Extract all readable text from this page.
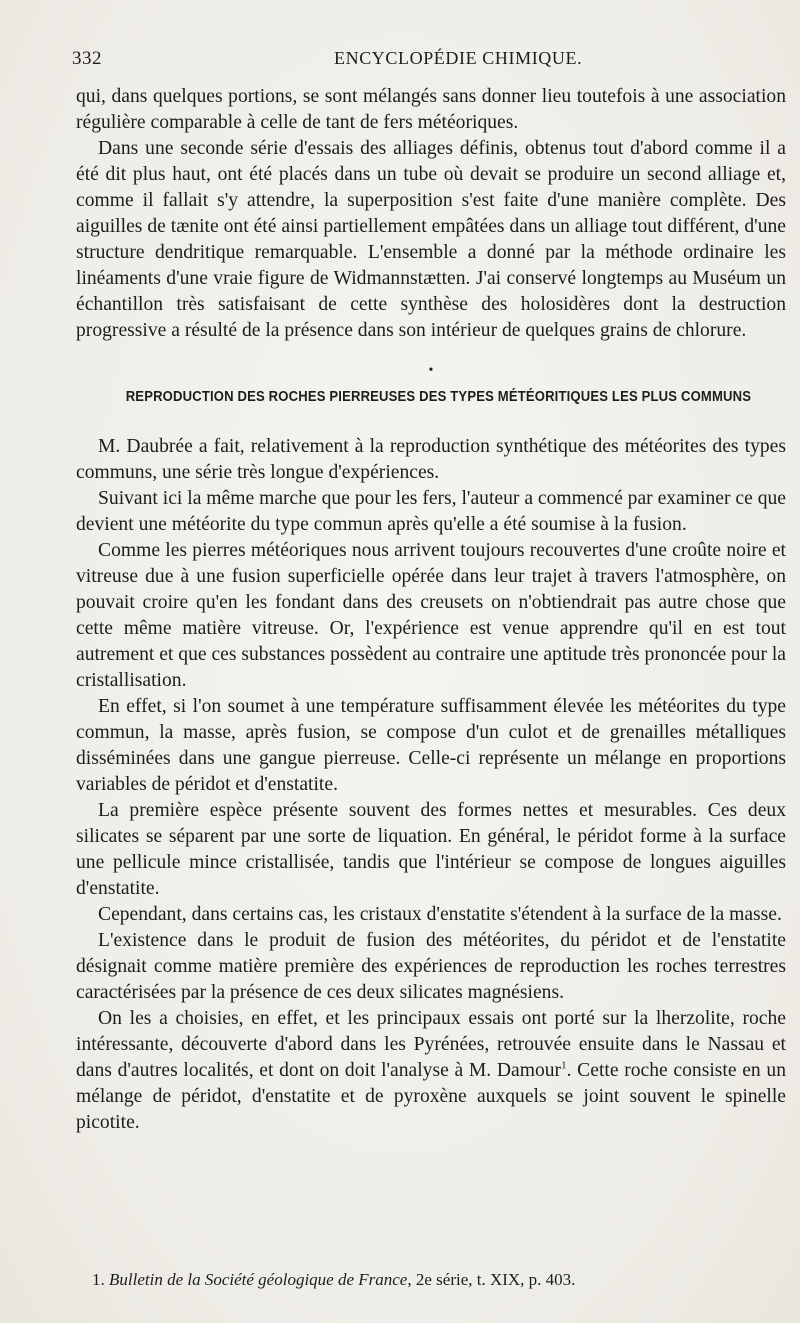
332	ENCYCLOPÉDIE CHIMIQUE.

qui, dans quelques portions, se sont mélangés sans donner lieu toutefois à une association régulière comparable à celle de tant de fers météoriques.

Dans une seconde série d'essais des alliages définis, obtenus tout d'abord comme il a été dit plus haut, ont été placés dans un tube où devait se produire un second alliage et, comme il fallait s'y attendre, la superposition s'est faite d'une manière complète. Des aiguilles de tænite ont été ainsi partiellement empâtées dans un alliage tout différent, d'une structure dendritique remarquable. L'ensemble a donné par la méthode ordinaire les linéaments d'une vraie figure de Widmannstætten. J'ai conservé longtemps au Muséum un échantillon très satisfaisant de cette synthèse des holosidères dont la destruction progressive a résulté de la présence dans son intérieur de quelques grains de chlorure.

•
REPRODUCTION DES ROCHES PIERREUSES DES TYPES MÉTÉORITIQUES LES PLUS COMMUNS

M. Daubrée a fait, relativement à la reproduction synthétique des météorites des types communs, une série très longue d'expériences.

Suivant ici la même marche que pour les fers, l'auteur a commencé par examiner ce que devient une météorite du type commun après qu'elle a été soumise à la fusion.

Comme les pierres météoriques nous arrivent toujours recouvertes d'une croûte noire et vitreuse due à une fusion superficielle opérée dans leur trajet à travers l'atmosphère, on pouvait croire qu'en les fondant dans des creusets on n'obtiendrait pas autre chose que cette même matière vitreuse. Or, l'expérience est venue apprendre qu'il en est tout autrement et que ces substances possèdent au contraire une aptitude très prononcée pour la cristallisation.

En effet, si l'on soumet à une température suffisamment élevée les météorites du type commun, la masse, après fusion, se compose d'un culot et de grenailles métalliques disséminées dans une gangue pierreuse. Celle-ci représente un mélange en proportions variables de péridot et d'enstatite.

La première espèce présente souvent des formes nettes et mesurables. Ces deux silicates se séparent par une sorte de liquation. En général, le péridot forme à la surface une pellicule mince cristallisée, tandis que l'intérieur se compose de longues aiguilles d'enstatite.

Cependant, dans certains cas, les cristaux d'enstatite s'étendent à la surface de la masse.

L'existence dans le produit de fusion des météorites, du péridot et de l'enstatite désignait comme matière première des expériences de reproduction les roches terrestres caractérisées par la présence de ces deux silicates magnésiens.

On les a choisies, en effet, et les principaux essais ont porté sur la lherzolite, roche intéressante, découverte d'abord dans les Pyrénées, retrouvée ensuite dans le Nassau et dans d'autres localités, et dont on doit l'analyse à M. Damour$^1$. Cette roche consiste en un mélange de péridot, d'enstatite et de pyroxène auxquels se joint souvent le spinelle picotite.

1. Bulletin de la Société géologique de France, 2e série, t. XIX, p. 403.
